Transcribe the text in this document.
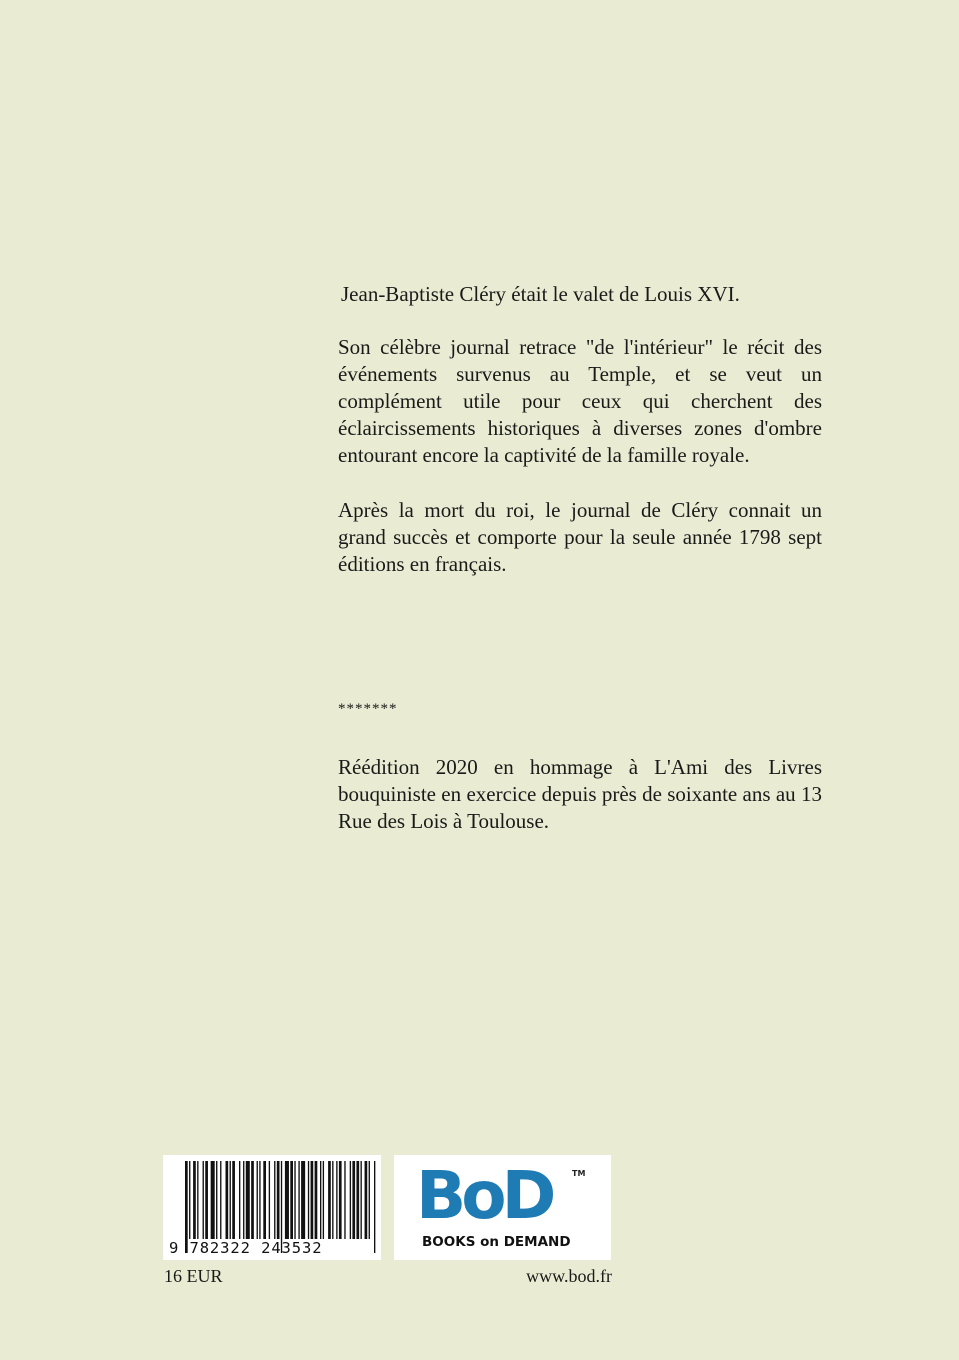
Jean-Baptiste Cléry était le valet de Louis XVI.
Son célèbre journal retrace "de l'intérieur" le récit des événements survenus au Temple, et se veut un complément utile pour ceux qui cherchent des éclaircissements historiques à diverses zones d'ombre entourant encore la captivité de la famille royale.
Après la mort du roi, le journal de Cléry connait un grand succès et comporte pour la seule année 1798 sept éditions en français.
*******
Réédition 2020 en hommage à L'Ami des Livres bouquiniste en exercice depuis près de soixante ans au 13 Rue des Lois à Toulouse.
9 782322 243532
BoD	TM
BOOKS on DEMAND
16 EUR	www.bod.fr
